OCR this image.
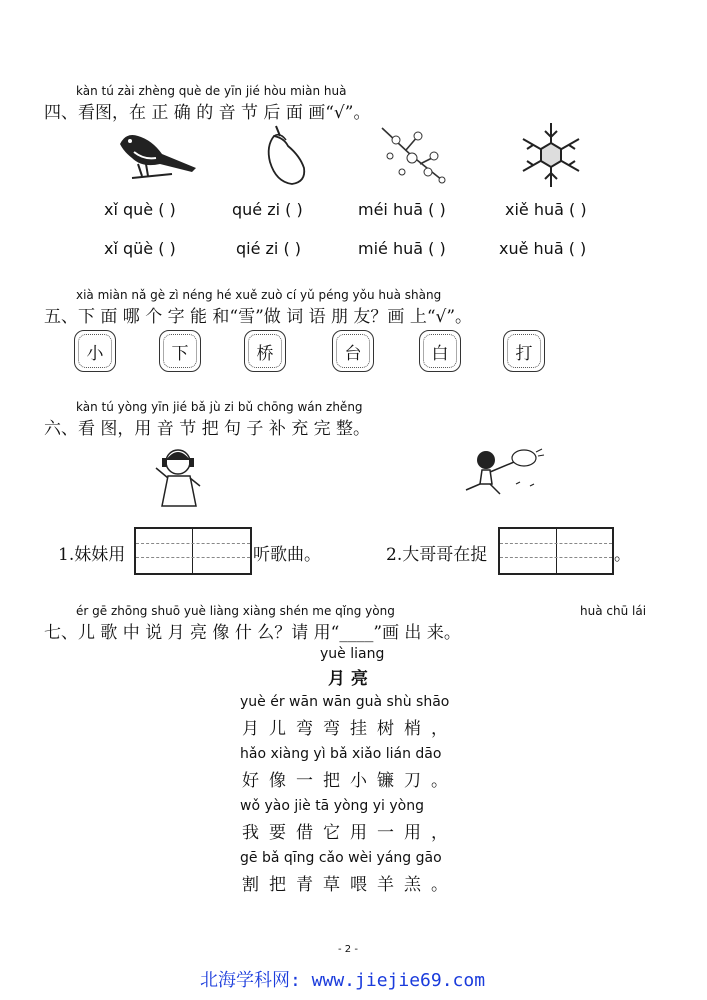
kàn tú zài zhèng què de yīn jié hòu miàn huà
四、看图，在 正 确 的 音 节 后 面 画“√”。
xǐ què ( )	qué zi ( )	méi huā ( )	xiě huā ( )
xǐ qüè ( )	qié zi ( )	mié huā ( )	xuě huā ( )
xià miàn nǎ gè zì néng hé xuě zuò cí yǔ péng yǒu huà shàng
五、下 面 哪 个 字 能 和“雪”做 词 语 朋 友？画 上“√”。
小	下	桥	台	白	打
kàn tú yòng yīn jié bǎ jù zi bǔ chōng wán zhěng
六、看 图，用 音 节 把 句 子 补 充 完 整。
1.妹妹用	听歌曲。	2.大哥哥在捉	。
ér gē zhōng shuō yuè liàng xiàng shén me qǐng yòng	huà chū lái
七、儿 歌 中 说 月 亮 像 什 么？请 用“____”画 出 来。
yuè liang
月 亮
yuè ér wān wān guà shù shāo
月儿弯弯挂树梢，
hǎo xiàng yì bǎ xiǎo lián dāo
好像一把小镰刀。
wǒ yào jiè tā yòng yi yòng
我要借它用一用，
gē bǎ qīng cǎo wèi yáng gāo
割把青草喂羊羔。
- 2 -
北海学科网: www.jiejie69.com
